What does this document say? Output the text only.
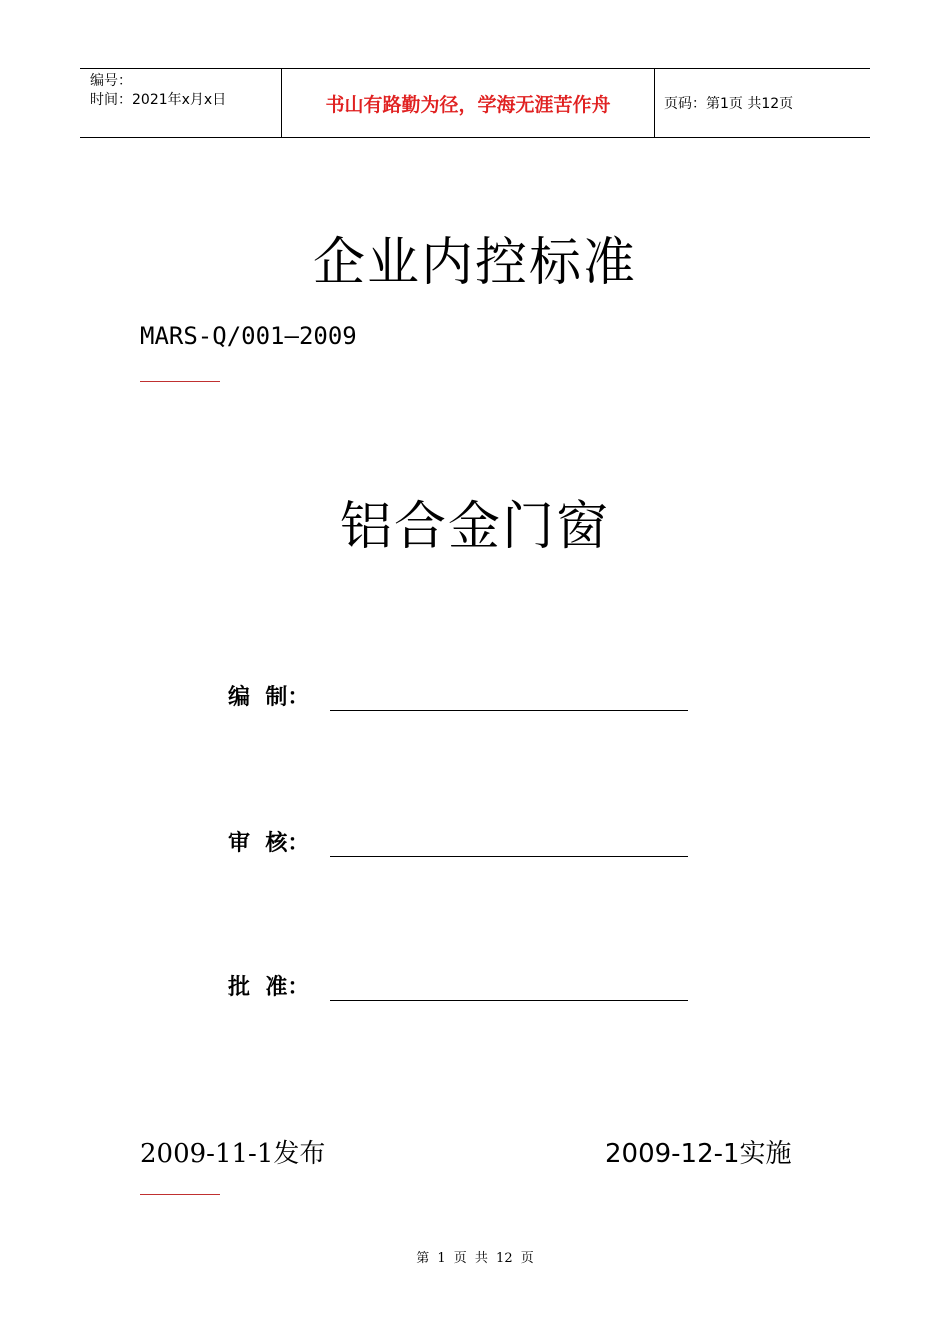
编号：
时间：2021年x月x日	书山有路勤为径，学海无涯苦作舟	页码：第1页 共12页
企业内控标准
MARS-Q/001—2009
铝合金门窗
编  制：
审  核：
批  准：
2009-11-1发布	2009-12-1实施
第 1 页 共 12 页
